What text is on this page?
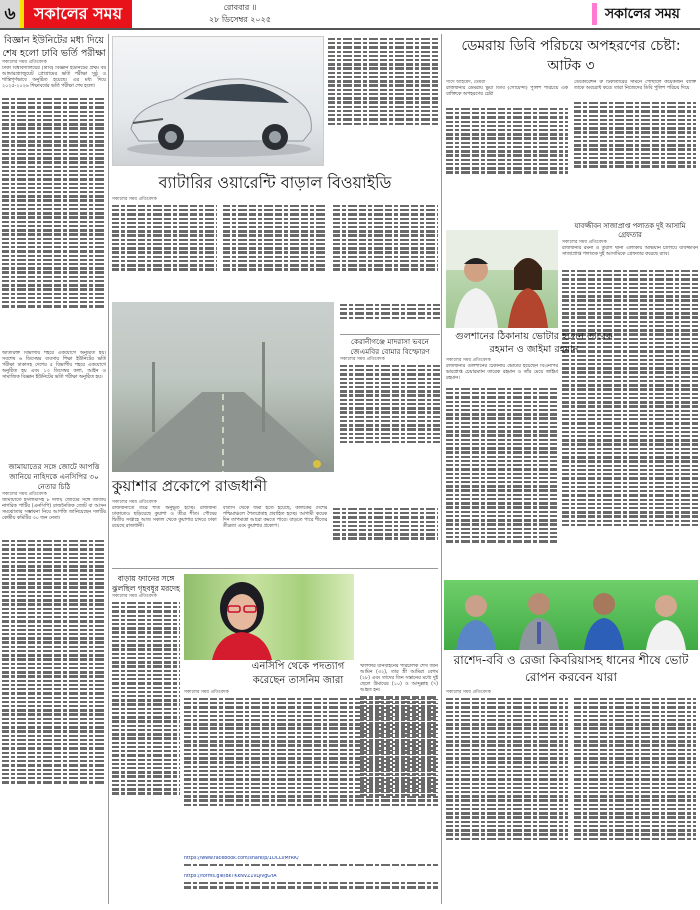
৬	সকালের সময়	রোববার ॥
২৮ ডিসেম্বর ২০২৫	সকালের সময়
বিজ্ঞান ইউনিটের মধ্য দিয়ে শেষ হলো ঢাবি ভর্তি পরীক্ষা
সকালের সময় প্রতিবেদক
ঢাকা বিশ্ববিদ্যালয়ের (ঢাবি) বিজ্ঞান ইউনিটের প্রথম বর্ষ আন্ডারগ্র্যাজুয়েট প্রোগ্রামের ভর্তি পরীক্ষা সুষ্ঠু ও শান্তিপূর্ণভাবে অনুষ্ঠিত হয়েছে। এর মধ্য দিয়ে ২০২৫-২০২৬ শিক্ষাবর্ষের ভর্তি পরীক্ষা শেষ হলো।
অতিরিক্ত বিভাগীয় শহরে একযোগে অনুষ্ঠিত হয়। সবশেষ ৬ ডিসেম্বর ব্যবসায় শিক্ষা ইউনিটের ভর্তি পরীক্ষা ঢাকাসহ দেশের ৫ বিভাগীয় শহরে একযোগে অনুষ্ঠিত হয় এবং ১৩ ডিসেম্বর কলা, আইন ও সামাজিক বিজ্ঞান ইউনিটের ভর্তি পরীক্ষা অনুষ্ঠিত হয়।
ব্যাটারির ওয়ারেন্টি বাড়াল বিওয়াইডি
সকালের সময় প্রতিবেদক
কেরানীগঞ্জে মাদরাসা ভবনে জেএমবির বোমার বিস্ফোরণ
সকালের সময় প্রতিবেদক
কুয়াশার প্রকোপে রাজধানী
সকালের সময় প্রতিবেদক
রাজধানীতে তীব্র শীত অনুভূত হচ্ছে। রাজধানী ঢাকাতেও ছড়িয়েছে কুয়াশা ও তীব্র শীত। পৌষের দ্বিতীয় সপ্তাহে আজ সকাল থেকে কুয়াশার চাদরে ঢাকা রয়েছে রাজধানী।
বাতাস থেকে জমা হতে হয়েছে, কালকের দেশের পশ্চিমাঞ্চলে শৈত্যপ্রবাহ প্রবাহিত হচ্ছে। আগামী কয়েক দিন তাপমাত্রা আরো কমতে পারে। বাড়তে পারে শীতের তীব্রতা এবং কুয়াশার প্রকোপ।
জামায়াতের সঙ্গে জোটে আপত্তি জানিয়ে নাহিদকে এনসিপির ৩০ নেতার চিঠি
সকালের সময় প্রতিবেদক
জামায়াতে ইসলামীসহ ৮ দলীয় জোটের সঙ্গে জাতীয় নাগরিক পার্টির (এনসিপি) রাজনৈতিক জোট বা আসন সমঝোতার সম্ভাবনা নিয়ে আপত্তি জানিয়েছেন দলটির কেন্দ্রীয় কমিটির ৩০ জন নেতা।
বাড়ায় ফ্যানের সঙ্গে ঝুলছিল গৃহবধূর মরদেহ
সকালের সময় প্রতিবেদক
এনসিপি থেকে পদত্যাগ করেছেন তাসনিম জারা
সকালের সময় প্রতিবেদক
https://www.facebook.com/share/p/1DCLvMrRK/
https://forms.gle/BkTKkNVZ1vLyvgGYA
খলিফার যানবাহনের পরিচালক শেখ জনি আমিন (৩২), তার স্ত্রী আমিরা বেগম (২৮) এবং তাদের তিন সন্তানের মধ্যে দুই ছেলে উমায়ের (১০) ও আব্দুল্লাহ (৭) আহত হন।
ডেমরায় ডিবি পরিচয়ে অপহরণের চেষ্টা: আটক ৩
সাদে আহমেদ, ডেমরা
রাজধানীর ডেমরায় ভুয়া ডিবি (গোয়েন্দা) পুলিশ পরিচয়ে এক ব্যক্তিকে অপহরণের চেষ্টা
ডেকোরেশন রু টিকাতারের সামনে পৌঁছালে কয়েকজন ব্যক্তি তাকে অবরোধ করে। তারা নিজেদের ডিবি পুলিশ পরিচয় দিয়ে
যাবজ্জীবন সাজাপ্রাপ্ত পলাতক দুই আসামি গ্রেফতার
সকালের সময় প্রতিবেদক
রাজধানীর রমনা ও তুরাগ থানা এলাকায় অভিযান চালিয়ে যাবজ্জীবন সাজাপ্রাপ্ত পলাতক দুই আসামিকে গ্রেফতার করেছে র‌্যাব।
গুলশানের ঠিকানায় ভোটার হলেন তারেক রহমান ও জাইমা রহমান
সকালের সময় প্রতিবেদক
রাজধানীর গুলশানের ঠিকানায় ভোটার হয়েছেন বিএনপির ভারপ্রাপ্ত চেয়ারম্যান তারেক রহমান ও তাঁর মেয়ে জাইমা রহমান।
রাশেদ-ববি ও রেজা কিবরিয়াসহ ধানের শীষে ভোট রোপন করবেন যারা
সকালের সময় প্রতিবেদক
